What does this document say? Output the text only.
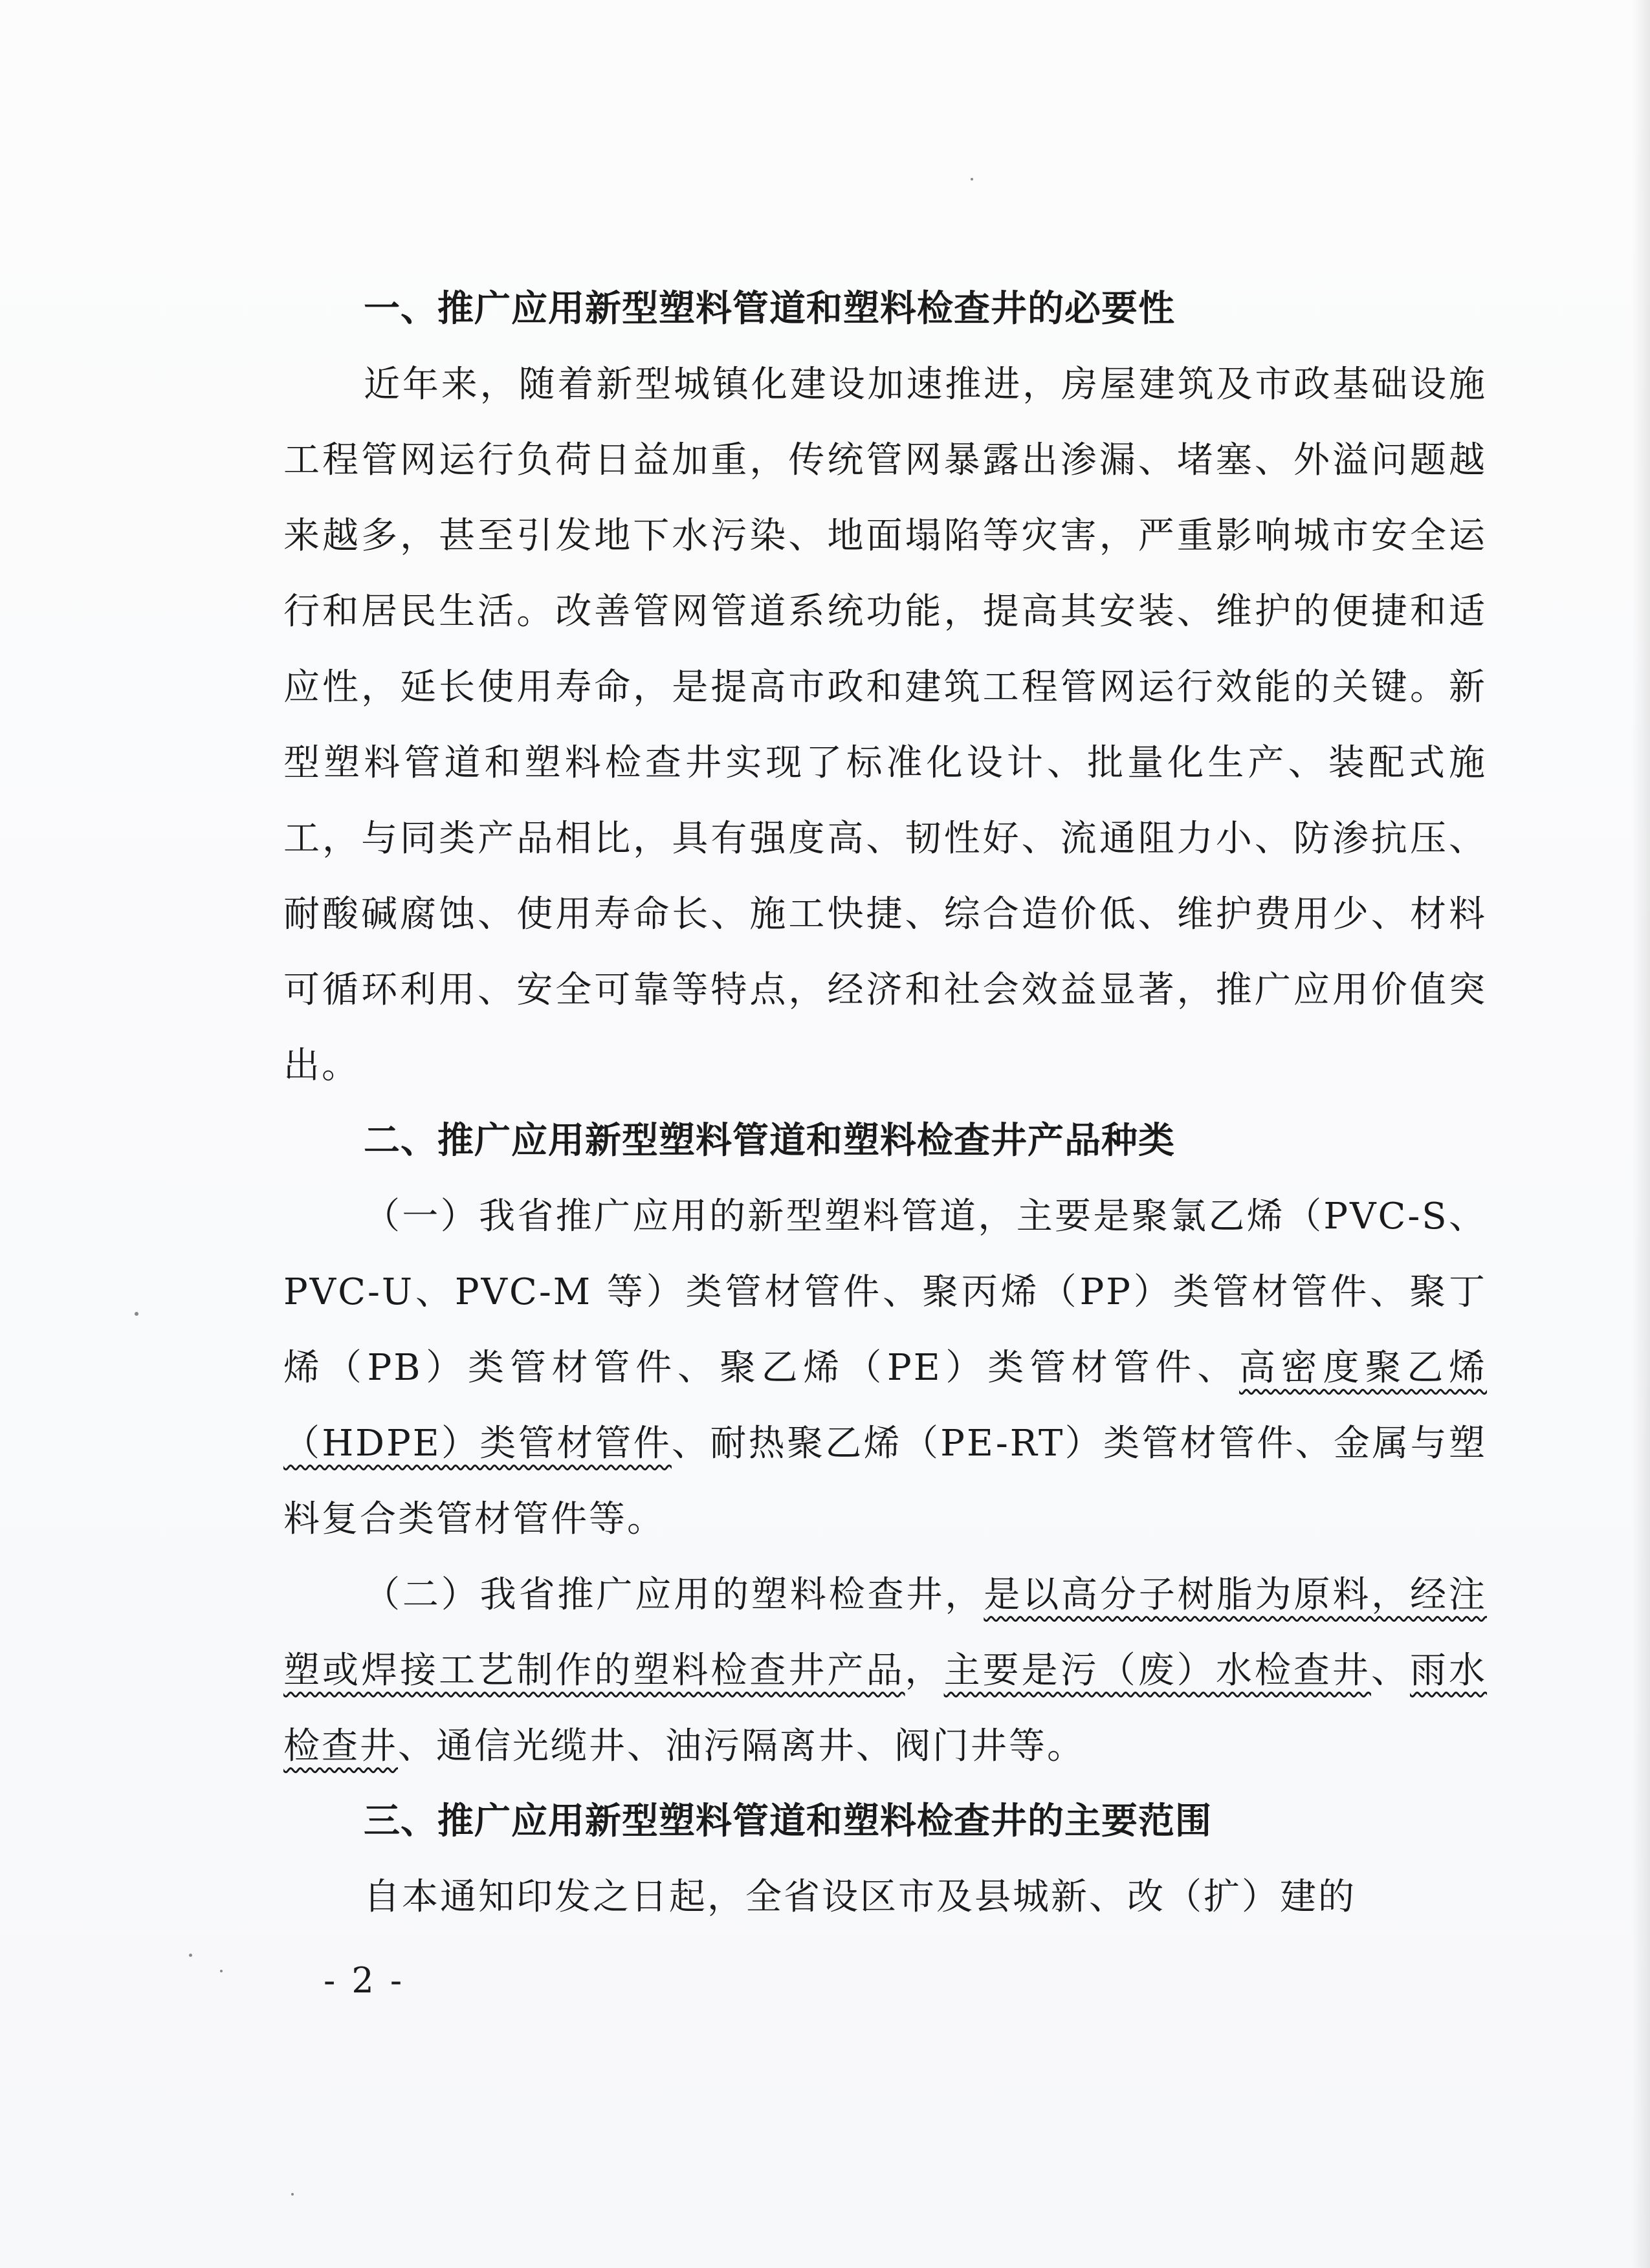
一、推广应用新型塑料管道和塑料检查井的必要性

近年来，随着新型城镇化建设加速推进，房屋建筑及市政基础设施工程管网运行负荷日益加重，传统管网暴露出渗漏、堵塞、外溢问题越来越多，甚至引发地下水污染、地面塌陷等灾害，严重影响城市安全运行和居民生活。改善管网管道系统功能，提高其安装、维护的便捷和适应性，延长使用寿命，是提高市政和建筑工程管网运行效能的关键。新型塑料管道和塑料检查井实现了标准化设计、批量化生产、装配式施工，与同类产品相比，具有强度高、韧性好、流通阻力小、防渗抗压、耐酸碱腐蚀、使用寿命长、施工快捷、综合造价低、维护费用少、材料可循环利用、安全可靠等特点，经济和社会效益显著，推广应用价值突出。

二、推广应用新型塑料管道和塑料检查井产品种类

（一）我省推广应用的新型塑料管道，主要是聚氯乙烯（PVC-S、PVC-U、PVC-M 等）类管材管件、聚丙烯（PP）类管材管件、聚丁烯（PB）类管材管件、聚乙烯（PE）类管材管件、高密度聚乙烯（HDPE）类管材管件、耐热聚乙烯（PE-RT）类管材管件、金属与塑料复合类管材管件等。

（二）我省推广应用的塑料检查井，是以高分子树脂为原料，经注塑或焊接工艺制作的塑料检查井产品，主要是污（废）水检查井、雨水检查井、通信光缆井、油污隔离井、阀门井等。

三、推广应用新型塑料管道和塑料检查井的主要范围

自本通知印发之日起，全省设区市及县城新、改（扩）建的

- 2 -
